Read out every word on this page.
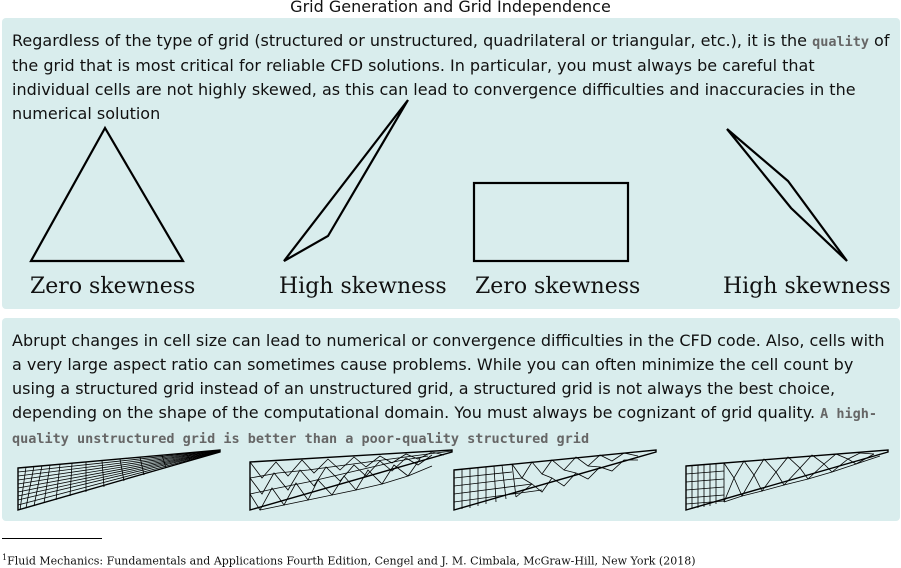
Grid Generation and Grid Independence
Regardless of the type of grid (structured or unstructured, quadrilateral or triangular, etc.), it is the quality of the grid that is most critical for reliable CFD solutions. In particular, you must always be careful that individual cells are not highly skewed, as this can lead to convergence difficulties and inaccuracies in the numerical solution
Zero skewness	High skewness Zero skewness	High skewness
Abrupt changes in cell size can lead to numerical or convergence difficulties in the CFD code. Also, cells with a very large aspect ratio can sometimes cause problems. While you can often minimize the cell count by using a structured grid instead of an unstructured grid, a structured grid is not always the best choice, depending on the shape of the computational domain. You must always be cognizant of grid quality. A high-quality unstructured grid is better than a poor-quality structured grid
$^1$Fluid Mechanics: Fundamentals and Applications Fourth Edition, Cengel and J. M. Cimbala, McGraw-Hill, New York (2018)
